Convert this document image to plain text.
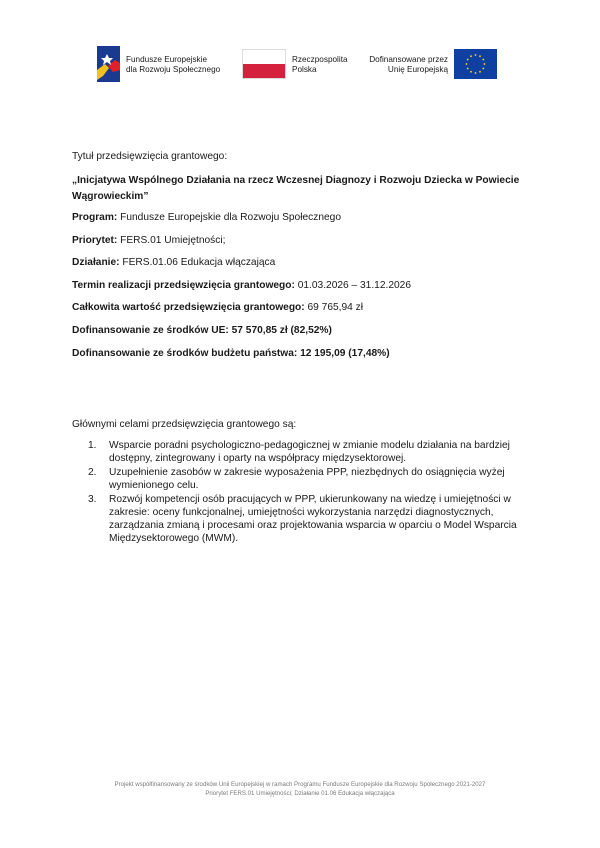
Fundusze Europejskie
dla Rozwoju Społecznego
Rzeczpospolita
Polska
Dofinansowane przez
Unię Europejską

Tytuł przedsięwzięcia grantowego:

„Inicjatywa Wspólnego Działania na rzecz Wczesnej Diagnozy i Rozwoju Dziecka w Powiecie Wągrowieckim”

Program: Fundusze Europejskie dla Rozwoju Społecznego

Priorytet: FERS.01 Umiejętności;

Działanie: FERS.01.06 Edukacja włączająca

Termin realizacji przedsięwzięcia grantowego: 01.03.2026 – 31.12.2026

Całkowita wartość przedsięwzięcia grantowego: 69 765,94 zł

Dofinansowanie ze środków UE: 57 570,85 zł (82,52%)

Dofinansowanie ze środków budżetu państwa: 12 195,09 (17,48%)

Głównymi celami przedsięwzięcia grantowego są:

1. Wsparcie poradni psychologiczno-pedagogicznej w zmianie modelu działania na bardziej dostępny, zintegrowany i oparty na współpracy międzysektorowej.
2. Uzupełnienie zasobów w zakresie wyposażenia PPP, niezbędnych do osiągnięcia wyżej wymienionego celu.
3. Rozwój kompetencji osób pracujących w PPP, ukierunkowany na wiedzę i umiejętności w zakresie: oceny funkcjonalnej, umiejętności wykorzystania narzędzi diagnostycznych, zarządzania zmianą i procesami oraz projektowania wsparcia w oparciu o Model Wsparcia Międzysektorowego (MWM).
Projekt współfinansowany ze środków Unii Europejskiej w ramach Programu Fundusze Europejskie dla Rozwoju Społecznego 2021-2027
Priorytet FERS.01 Umiejętności; Działanie 01.06 Edukacja włączająca
